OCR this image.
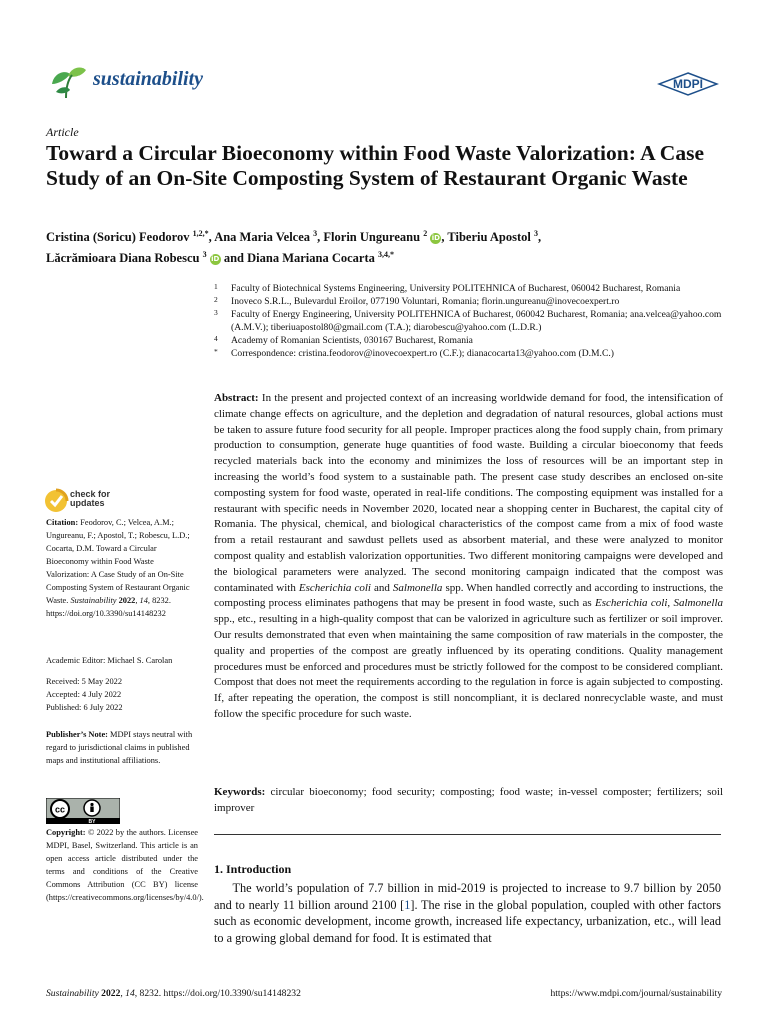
sustainability	MDPI
Article
Toward a Circular Bioeconomy within Food Waste Valorization: A Case Study of an On-Site Composting System of Restaurant Organic Waste
Cristina (Soricu) Feodorov $^{1,2,*}$, Ana Maria Velcea $^3$, Florin Ungureanu $^2$ iD, Tiberiu Apostol $^3$,
Lăcrămioara Diana Robescu $^3$ iD and Diana Mariana Cocarta $^{3,4,*}$
1 Faculty of Biotechnical Systems Engineering, University POLITEHNICA of Bucharest, 060042 Bucharest, Romania
2 Inoveco S.R.L., Bulevardul Eroilor, 077190 Voluntari, Romania; florin.ungureanu@inovecoexpert.ro
3 Faculty of Energy Engineering, University POLITEHNICA of Bucharest, 060042 Bucharest, Romania; ana.velcea@yahoo.com (A.M.V.); tiberiuapostol80@gmail.com (T.A.); diarobescu@yahoo.com (L.D.R.)
4 Academy of Romanian Scientists, 030167 Bucharest, Romania
* Correspondence: cristina.feodorov@inovecoexpert.ro (C.F.); dianacocarta13@yahoo.com (D.M.C.)
Abstract: In the present and projected context of an increasing worldwide demand for food, the intensification of climate change effects on agriculture, and the depletion and degradation of natural resources, global actions must be taken to assure future food security for all people. Improper practices along the food supply chain, from primary production to consumption, generate huge quantities of food waste. Building a circular bioeconomy that feeds recycled materials back into the economy and minimizes the loss of resources will be an important step in increasing the world’s food system to a sustainable path. The present case study describes an enclosed on-site composting system for food waste, operated in real-life conditions. The composting equipment was installed for a restaurant with specific needs in November 2020, located near a shopping center in Bucharest, the capital city of Romania. The physical, chemical, and biological characteristics of the compost came from a mix of food waste from a retail restaurant and sawdust pellets used as absorbent material, and these were analyzed to monitor compost quality and establish valorization opportunities. Two different monitoring campaigns were developed and the biological parameters were analyzed. The second monitoring campaign indicated that the compost was contaminated with Escherichia coli and Salmonella spp. When handled correctly and according to instructions, the composting process eliminates pathogens that may be present in food waste, such as Escherichia coli, Salmonella spp., etc., resulting in a high-quality compost that can be valorized in agriculture such as fertilizer or soil improver. Our results demonstrated that even when maintaining the same composition of raw materials in the composter, the quality and properties of the compost are greatly influenced by its operating conditions. Quality management procedures must be enforced and procedures must be strictly followed for the compost to be considered compliant. Compost that does not meet the requirements according to the regulation in force is again subjected to composting. If, after repeating the operation, the compost is still noncompliant, it is declared nonrecyclable waste, and must follow the specific procedure for such waste.
Keywords: circular bioeconomy; food security; composting; food waste; in-vessel composter; fertilizers; soil improver
1. Introduction
  The world’s population of 7.7 billion in mid-2019 is projected to increase to 9.7 billion by 2050 and to nearly 11 billion around 2100 [1]. The rise in the global population, coupled with other factors such as economic development, income growth, increased life expectancy, urbanization, etc., will lead to a growing global demand for food. It is estimated that
check for
updates
Citation: Feodorov, C.; Velcea, A.M.; Ungureanu, F.; Apostol, T.; Robescu, L.D.; Cocarta, D.M. Toward a Circular Bioeconomy within Food Waste Valorization: A Case Study of an On-Site Composting System of Restaurant Organic Waste. Sustainability 2022, 14, 8232. https://doi.org/10.3390/su14148232
Academic Editor: Michael S. Carolan
Received: 5 May 2022
Accepted: 4 July 2022
Published: 6 July 2022
Publisher’s Note: MDPI stays neutral with regard to jurisdictional claims in published maps and institutional affiliations.
cc
BY
Copyright: © 2022 by the authors. Licensee MDPI, Basel, Switzerland. This article is an open access article distributed under the terms and conditions of the Creative Commons Attribution (CC BY) license (https://creativecommons.org/licenses/by/4.0/).
Sustainability 2022, 14, 8232. https://doi.org/10.3390/su14148232	https://www.mdpi.com/journal/sustainability
